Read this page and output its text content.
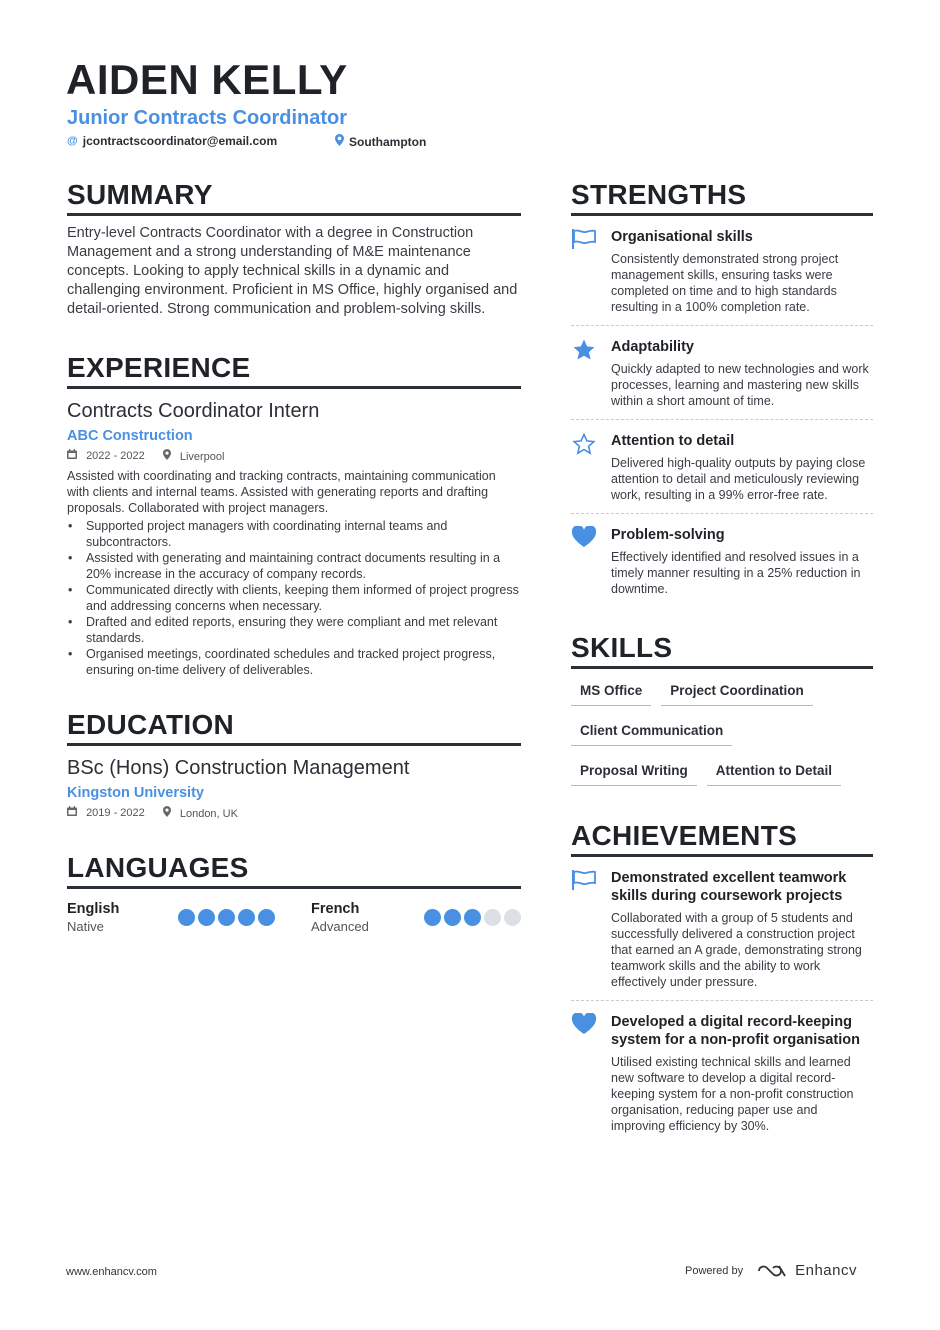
AIDEN KELLY
Junior Contracts Coordinator
@ jcontractscoordinator@email.com	Southampton
SUMMARY

Entry-level Contracts Coordinator with a degree in Construction Management and a strong understanding of M&E maintenance concepts. Looking to apply technical skills in a dynamic and challenging environment. Proficient in MS Office, highly organised and detail-oriented. Strong communication and problem-solving skills.

EXPERIENCE
Contracts Coordinator Intern
ABC Construction
2022 - 2022	Liverpool

Assisted with coordinating and tracking contracts, maintaining communication with clients and internal teams. Assisted with generating reports and drafting proposals. Collaborated with project managers.

• Supported project managers with coordinating internal teams and subcontractors.
• Assisted with generating and maintaining contract documents resulting in a 20% increase in the accuracy of company records.
• Communicated directly with clients, keeping them informed of project progress and addressing concerns when necessary.
• Drafted and edited reports, ensuring they were compliant and met relevant standards.
• Organised meetings, coordinated schedules and tracked project progress, ensuring on-time delivery of deliverables.
EDUCATION
BSc (Hons) Construction Management
Kingston University
2019 - 2022	London, UK
LANGUAGES
English
Native
French
Advanced
STRENGTHS
Organisational skills
Consistently demonstrated strong project management skills, ensuring tasks were completed on time and to high standards resulting in a 100% completion rate.
Adaptability
Quickly adapted to new technologies and work processes, learning and mastering new skills within a short amount of time.
Attention to detail
Delivered high-quality outputs by paying close attention to detail and meticulously reviewing work, resulting in a 99% error-free rate.
Problem-solving
Effectively identified and resolved issues in a timely manner resulting in a 25% reduction in downtime.
SKILLS
MS Office	Project Coordination
Client Communication
Proposal Writing	Attention to Detail
ACHIEVEMENTS
Demonstrated excellent teamwork skills during coursework projects
Collaborated with a group of 5 students and successfully delivered a construction project that earned an A grade, demonstrating strong teamwork skills and the ability to work effectively under pressure.
Developed a digital record-keeping system for a non-profit organisation
Utilised existing technical skills and learned new software to develop a digital record-keeping system for a non-profit construction organisation, reducing paper use and improving efficiency by 30%.
www.enhancv.com	Powered by	Enhancv
